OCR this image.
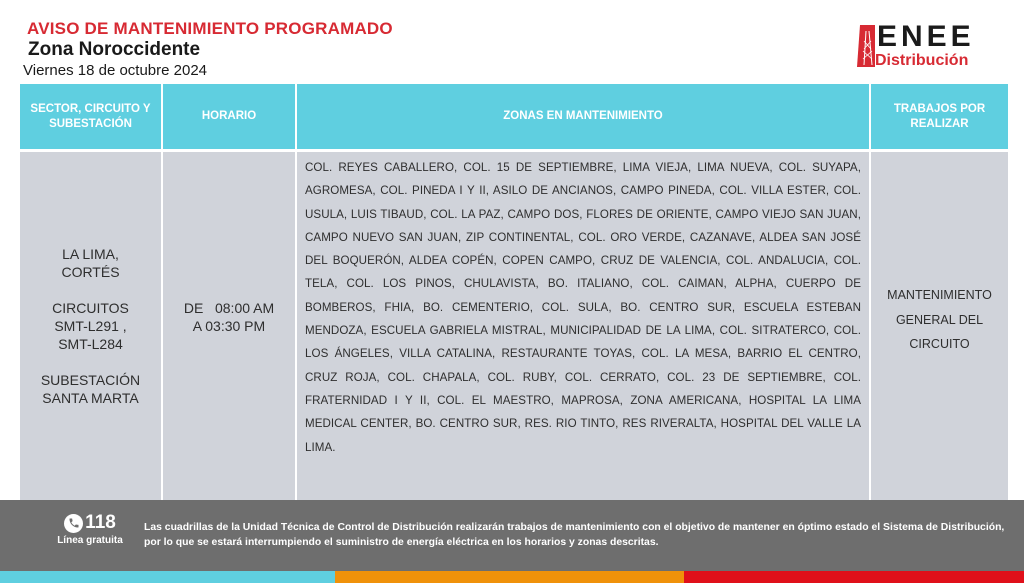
AVISO DE MANTENIMIENTO PROGRAMADO
Zona Noroccidente
Viernes 18 de octubre 2024
ENEE
Distribución
SECTOR, CIRCUITO Y SUBESTACIÓN
HORARIO	ZONAS EN MANTENIMIENTO
TRABAJOS POR REALIZAR
LA LIMA,
CORTÉS
CIRCUITOS
SMT-L291 ,
SMT-L284
SUBESTACIÓN
SANTA MARTA
DE   08:00 AM
A 03:30 PM
COL. REYES CABALLERO, COL. 15 DE SEPTIEMBRE, LIMA VIEJA, LIMA NUEVA, COL. SUYAPA, AGROMESA, COL. PINEDA I Y II, ASILO DE ANCIANOS, CAMPO PINEDA, COL. VILLA ESTER, COL. USULA, LUIS TIBAUD, COL. LA PAZ, CAMPO DOS, FLORES DE ORIENTE, CAMPO VIEJO SAN JUAN, CAMPO NUEVO SAN JUAN, ZIP CONTINENTAL, COL. ORO VERDE, CAZANAVE, ALDEA SAN JOSÉ DEL BOQUERÓN, ALDEA COPÉN, COPEN CAMPO, CRUZ DE VALENCIA, COL. ANDALUCIA, COL. TELA, COL. LOS PINOS, CHULAVISTA, BO. ITALIANO, COL. CAIMAN, ALPHA, CUERPO DE BOMBEROS, FHIA, BO. CEMENTERIO, COL. SULA, BO. CENTRO SUR, ESCUELA ESTEBAN MENDOZA, ESCUELA GABRIELA MISTRAL, MUNICIPALIDAD DE LA LIMA, COL. SITRATERCO, COL. LOS ÁNGELES, VILLA CATALINA, RESTAURANTE TOYAS, COL. LA MESA, BARRIO EL CENTRO, CRUZ ROJA, COL. CHAPALA, COL. RUBY, COL. CERRATO, COL. 23 DE SEPTIEMBRE, COL. FRATERNIDAD I Y II, COL. EL MAESTRO, MAPROSA, ZONA AMERICANA, HOSPITAL LA LIMA MEDICAL CENTER, BO. CENTRO SUR, RES. RIO TINTO, RES RIVERALTA, HOSPITAL DEL VALLE LA LIMA.
MANTENIMIENTO
GENERAL DEL
CIRCUITO
118
Línea gratuita
Las cuadrillas de la Unidad Técnica de Control de Distribución realizarán trabajos de mantenimiento con el objetivo de mantener en óptimo estado el Sistema de Distribución, por lo que se estará interrumpiendo el suministro de energía eléctrica en los horarios y zonas descritas.
